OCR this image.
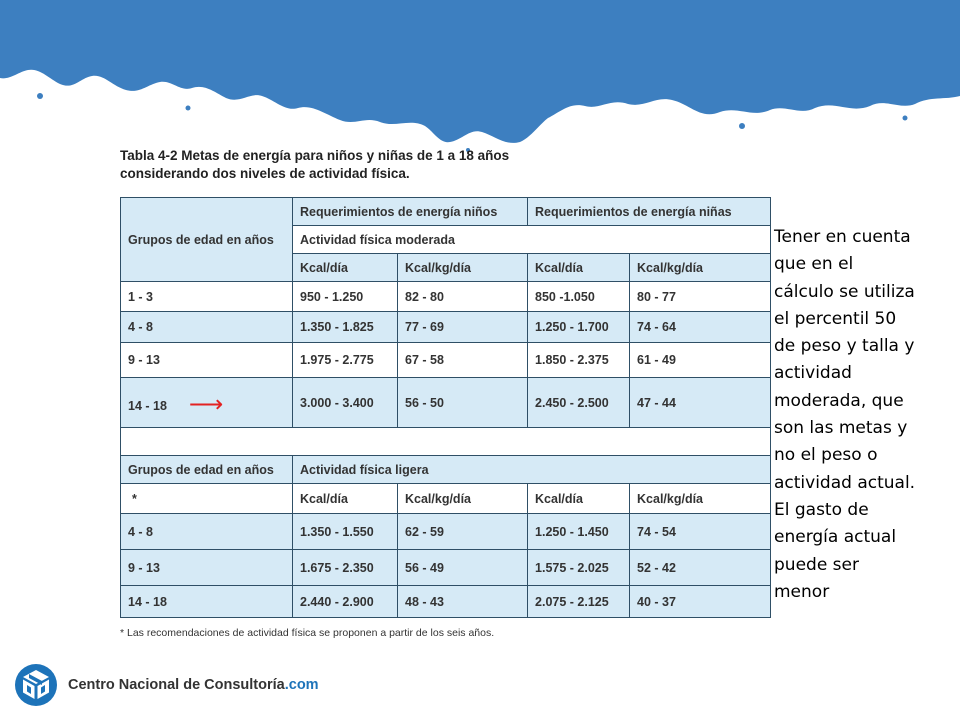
Tabla 4-2 Metas de energía para niños y niñas de 1 a 18 años
considerando dos niveles de actividad física.
Grupos de edad en años	Requerimientos de energía niños		Requerimientos de energía niñas	
	Actividad física moderada			
	Kcal/día	Kcal/kg/día	Kcal/día	Kcal/kg/día
1 - 3	950 - 1.250	82 - 80	850 -1.050	80 - 77
4 - 8	1.350 - 1.825	77 - 69	1.250 - 1.700	74 - 64
9 - 13	1.975 - 2.775	67 - 58	1.850 - 2.375	61 - 49
14 - 18 ⟶	3.000 - 3.400	56 - 50	2.450 - 2.500	47 - 44

Grupos de edad en años	Actividad física ligera			
*	Kcal/día	Kcal/kg/día	Kcal/día	Kcal/kg/día
4 - 8	1.350 - 1.550	62 - 59	1.250 - 1.450	74 - 54
9 - 13	1.675 - 2.350	56 - 49	1.575 - 2.025	52 - 42
14 - 18	2.440 - 2.900	48 - 43	2.075 - 2.125	40 - 37
* Las recomendaciones de actividad física se proponen a partir de los seis años.
Tener en cuenta
que en el
cálculo se utiliza
el percentil 50
de peso y talla y
actividad
moderada, que
son las metas y
no el peso o
actividad actual.
El gasto de
energía actual
puede ser
menor
Centro Nacional de Consultoría.com
